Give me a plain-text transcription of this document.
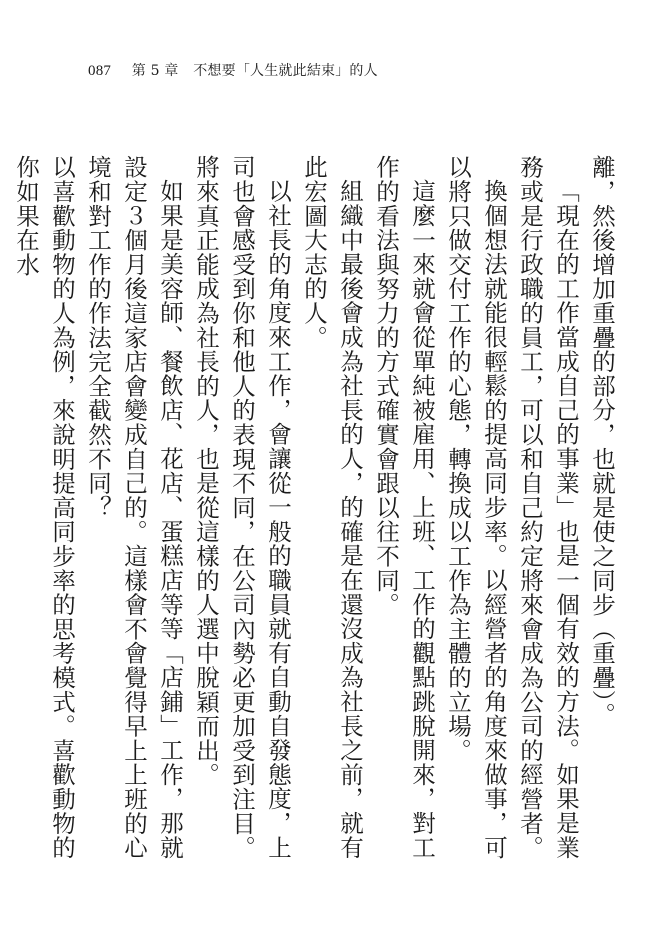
087 第 5 章 不想要「人生就此結束」的人

離，然後增加重疊的部分，也就是使之同步（重疊）。

「現在的工作當成自己的事業」也是一個有效的方法。如果是業務或是行政職的員工，可以和自己約定將來會成為公司的經營者。

換個想法就能很輕鬆的提高同步率。以經營者的角度來做事，可以將只做交付工作的心態，轉換成以工作為主體的立場。

這麼一來就會從單純被雇用、上班、工作的觀點跳脫開來，對工作的看法與努力的方式確實會跟以往不同。

組織中最後會成為社長的人，的確是在還沒成為社長之前，就有此宏圖大志的人。

以社長的角度來工作，會讓從一般的職員就有自動自發態度，上司也會感受到你和他人的表現不同，在公司內勢必更加受到注目。將來真正能成為社長的人，也是從這樣的人選中脫穎而出。

如果是美容師、餐飲店、花店、蛋糕店等等「店鋪」工作，那就設定３個月後這家店會變成自己的。這樣會不會覺得早上上班的心境和對工作的作法完全截然不同？

以喜歡動物的人為例，來說明提高同步率的思考模式。喜歡動物的你如果在水
